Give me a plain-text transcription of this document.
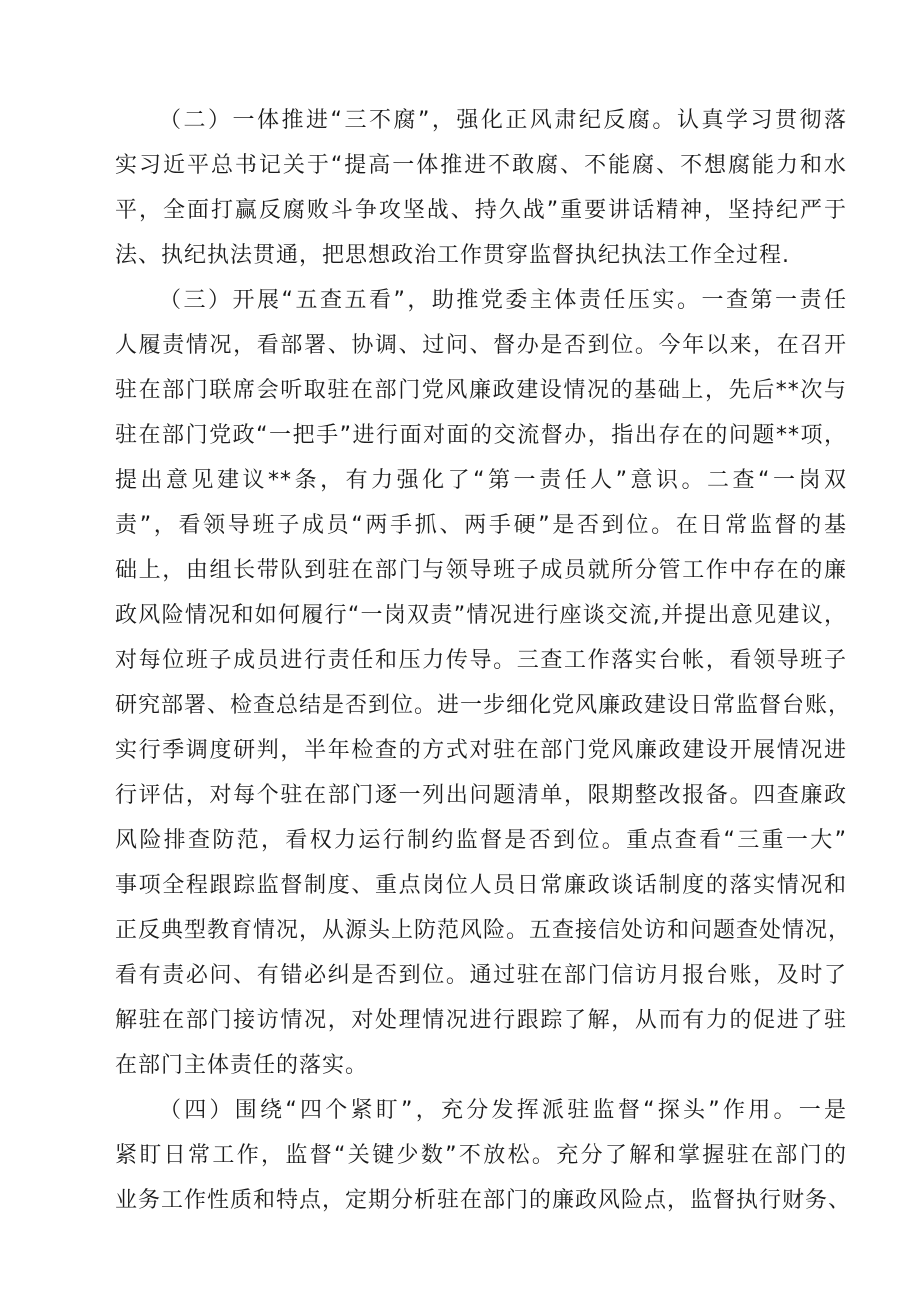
（二）一体推进“三不腐”，强化正风肃纪反腐。认真学习贯彻落
实习近平总书记关于“提高一体推进不敢腐、不能腐、不想腐能力和水
平，全面打赢反腐败斗争攻坚战、持久战”重要讲话精神，坚持纪严于
法、执纪执法贯通，把思想政治工作贯穿监督执纪执法工作全过程.
（三）开展“五查五看”，助推党委主体责任压实。一查第一责任
人履责情况，看部署、协调、过问、督办是否到位。今年以来，在召开
驻在部门联席会听取驻在部门党风廉政建设情况的基础上，先后**次与
驻在部门党政“一把手”进行面对面的交流督办，指出存在的问题**项，
提出意见建议**条，有力强化了“第一责任人”意识。二查“一岗双
责”，看领导班子成员“两手抓、两手硬”是否到位。在日常监督的基
础上，由组长带队到驻在部门与领导班子成员就所分管工作中存在的廉
政风险情况和如何履行“一岗双责”情况进行座谈交流,并提出意见建议，
对每位班子成员进行责任和压力传导。三查工作落实台帐，看领导班子
研究部署、检查总结是否到位。进一步细化党风廉政建设日常监督台账，
实行季调度研判，半年检查的方式对驻在部门党风廉政建设开展情况进
行评估，对每个驻在部门逐一列出问题清单，限期整改报备。四查廉政
风险排查防范，看权力运行制约监督是否到位。重点查看“三重一大”
事项全程跟踪监督制度、重点岗位人员日常廉政谈话制度的落实情况和
正反典型教育情况，从源头上防范风险。五查接信处访和问题查处情况，
看有责必问、有错必纠是否到位。通过驻在部门信访月报台账，及时了
解驻在部门接访情况，对处理情况进行跟踪了解，从而有力的促进了驻
在部门主体责任的落实。
（四）围绕“四个紧盯”，充分发挥派驻监督“探头”作用。一是
紧盯日常工作，监督“关键少数”不放松。充分了解和掌握驻在部门的
业务工作性质和特点，定期分析驻在部门的廉政风险点，监督执行财务、
